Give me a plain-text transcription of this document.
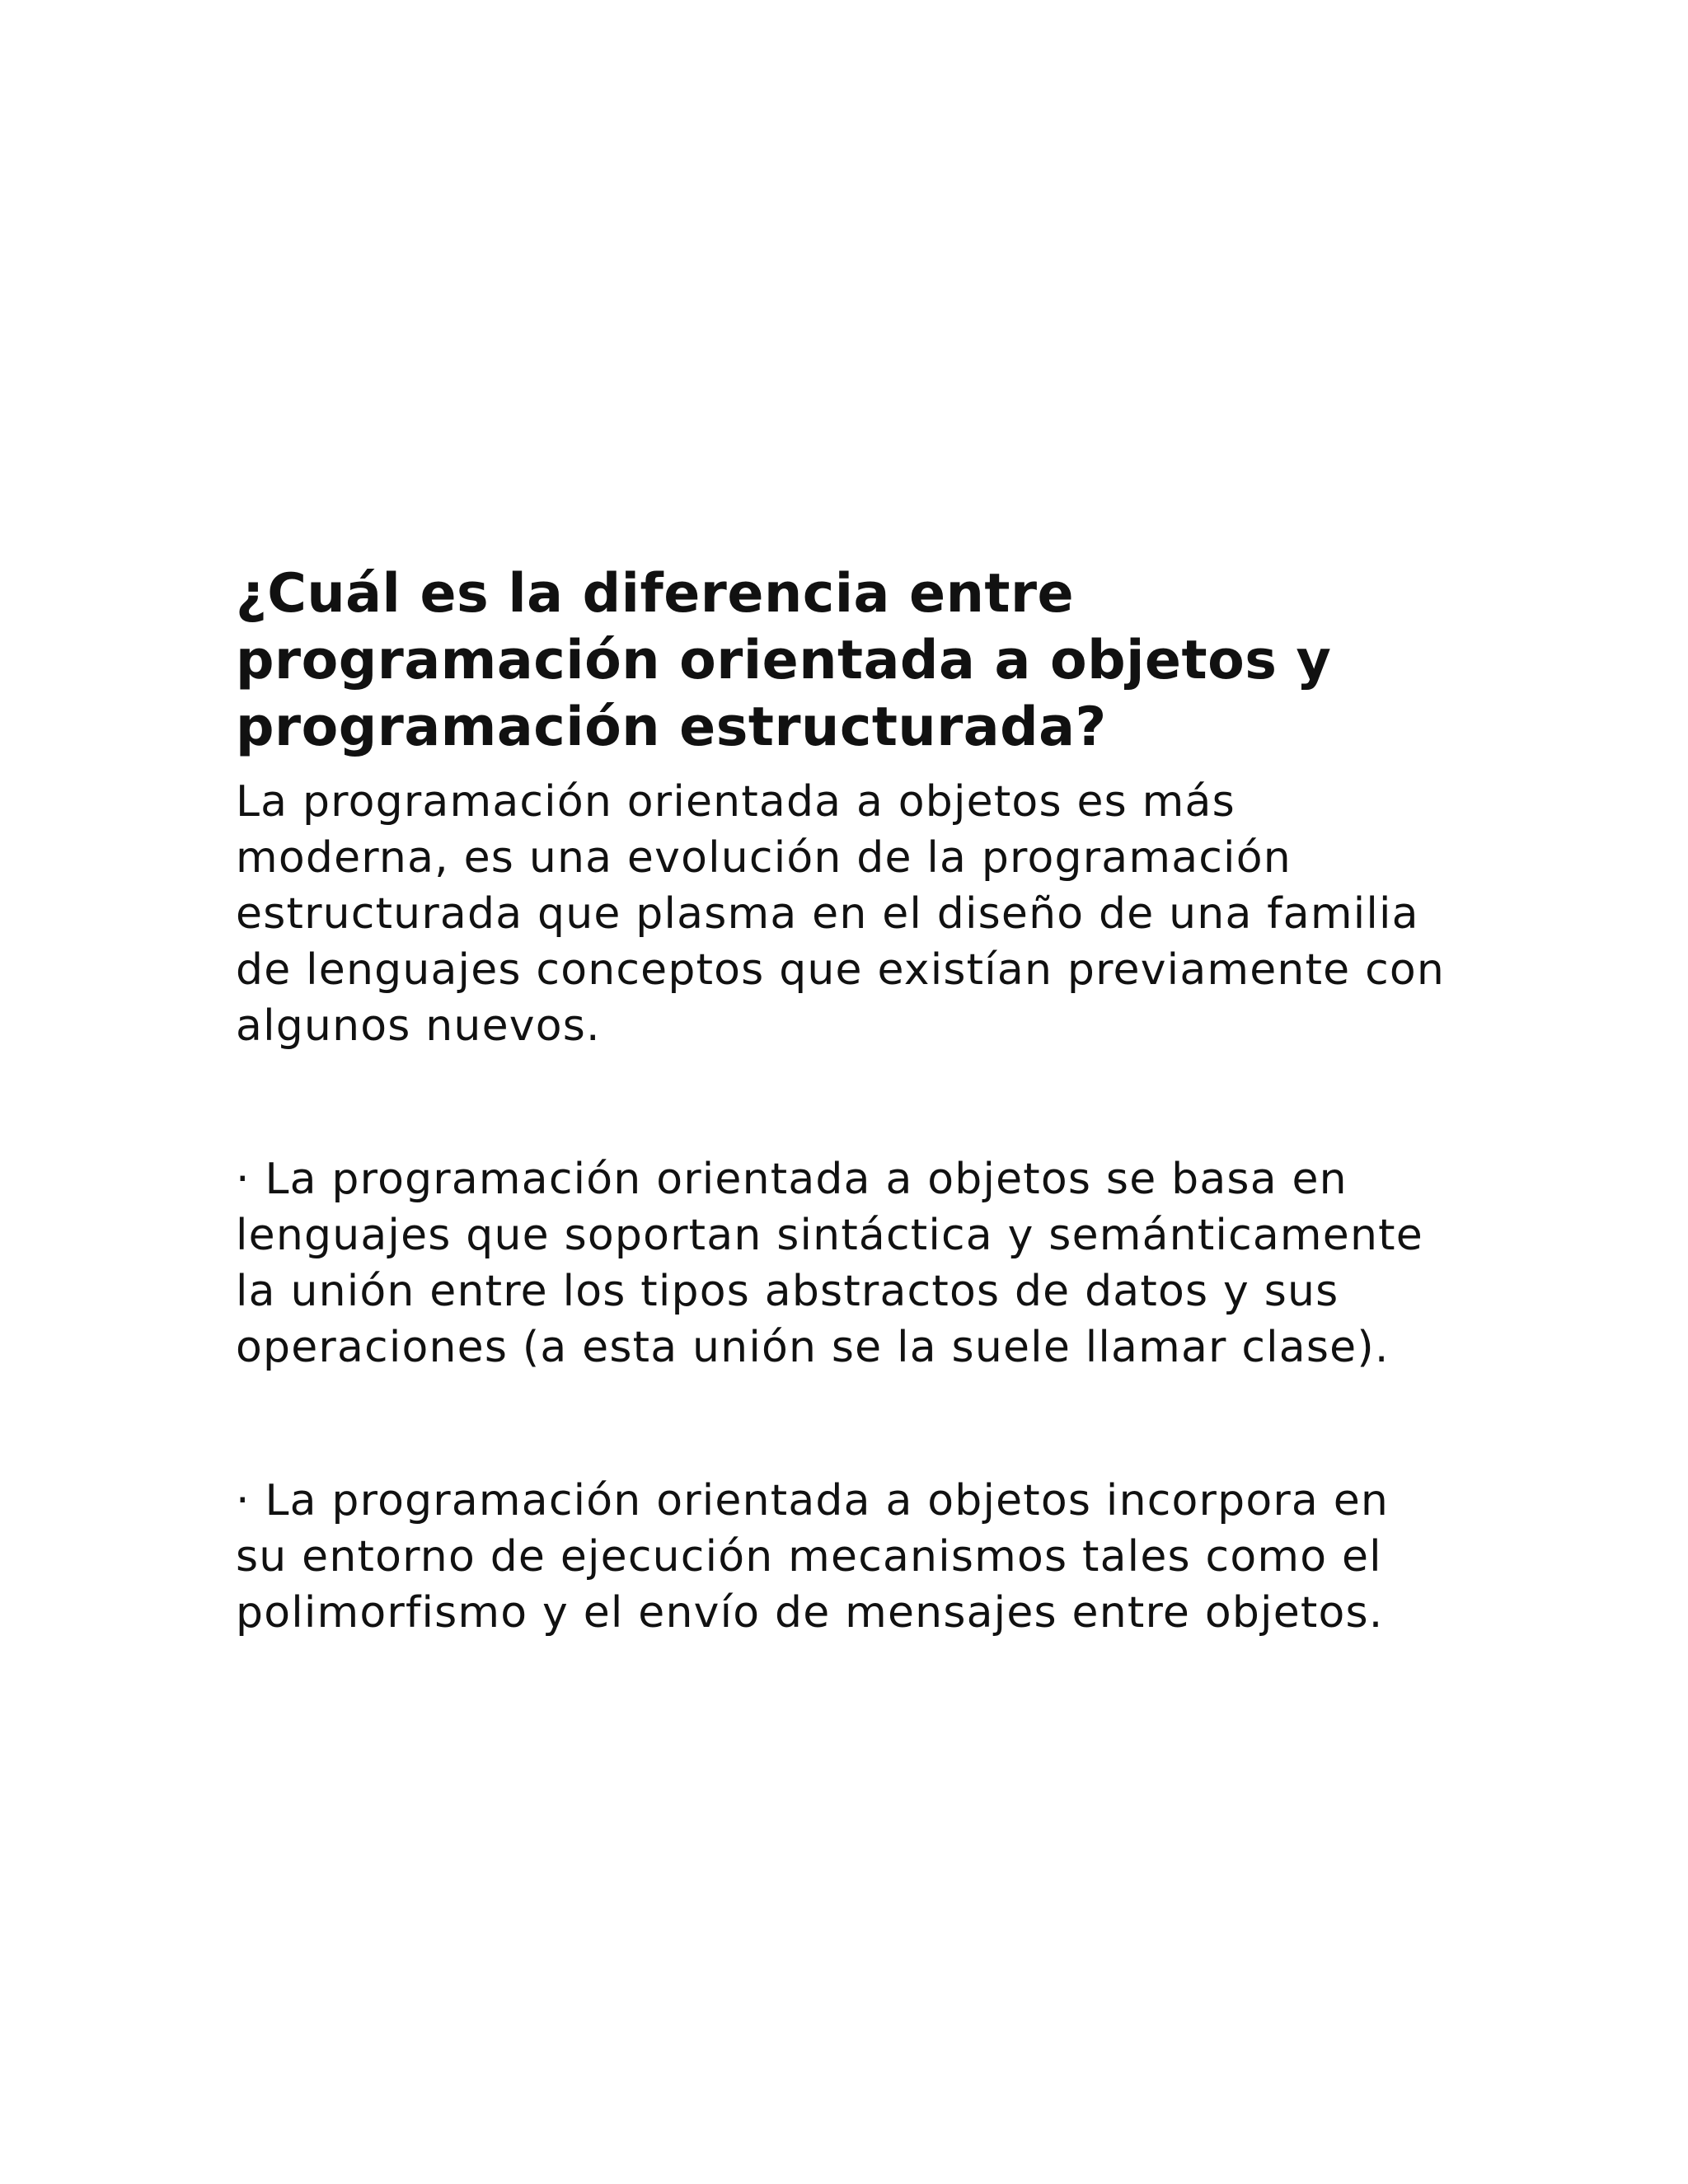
¿Cuál es la diferencia entre programación orientada a objetos y programación estructurada?

La programación orientada a objetos es más moderna, es una evolución de la programación estructurada que plasma en el diseño de una familia de lenguajes conceptos que existían previamente con algunos nuevos.

· La programación orientada a objetos se basa en lenguajes que soportan sintáctica y semánticamente la unión entre los tipos abstractos de datos y sus operaciones (a esta unión se la suele llamar clase).

· La programación orientada a objetos incorpora en su entorno de ejecución mecanismos tales como el polimorfismo y el envío de mensajes entre objetos.
